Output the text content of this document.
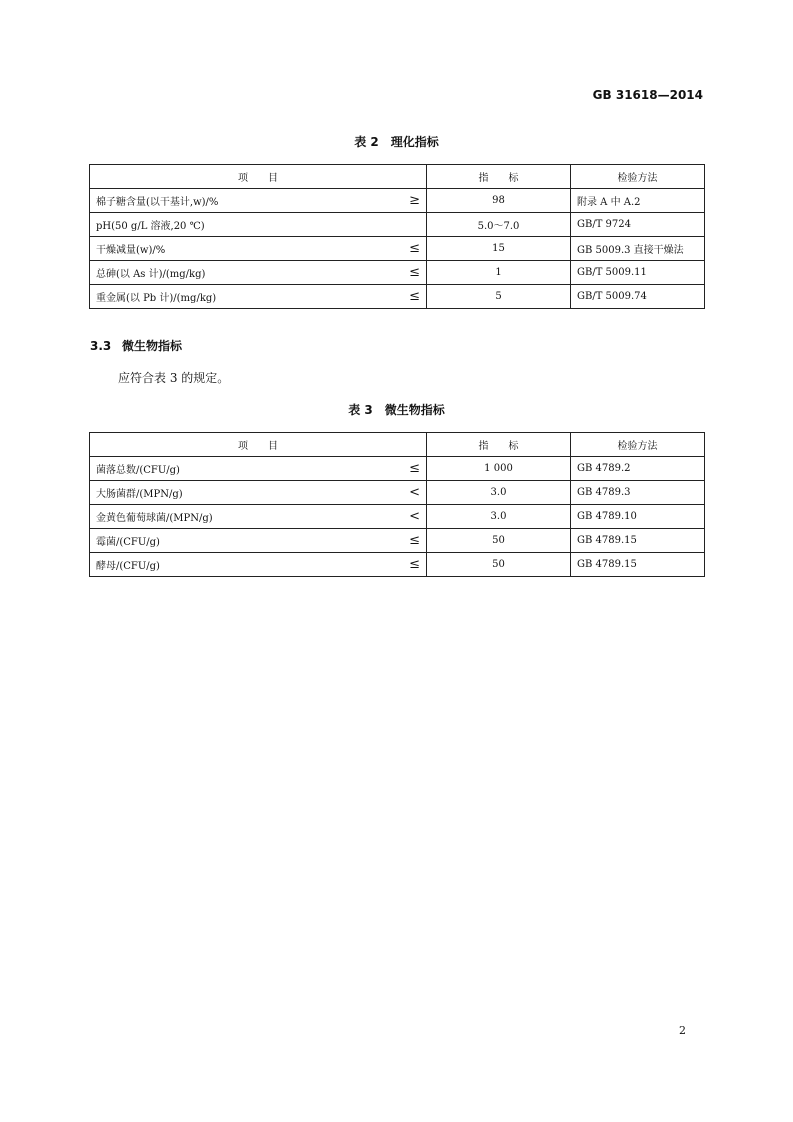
GB 31618—2014
表 2　理化指标
项　　目		指　　标	检验方法
棉子糖含量(以干基计,w)/%	≥	98	附录 A 中 A.2
pH(50 g/L 溶液,20 ℃)		5.0～7.0	GB/T 9724
干燥减量(w)/%	≤	15	GB 5009.3 直接干燥法
总砷(以 As 计)/(mg/kg)	≤	1	GB/T 5009.11
重金属(以 Pb 计)/(mg/kg)	≤	5	GB/T 5009.74
3.3 微生物指标
应符合表 3 的规定。
表 3　微生物指标
项　　目		指　　标	检验方法
菌落总数/(CFU/g)	≤	1 000	GB 4789.2
大肠菌群/(MPN/g)	<	3.0	GB 4789.3
金黄色葡萄球菌/(MPN/g)	<	3.0	GB 4789.10
霉菌/(CFU/g)	≤	50	GB 4789.15
酵母/(CFU/g)	≤	50	GB 4789.15
2
